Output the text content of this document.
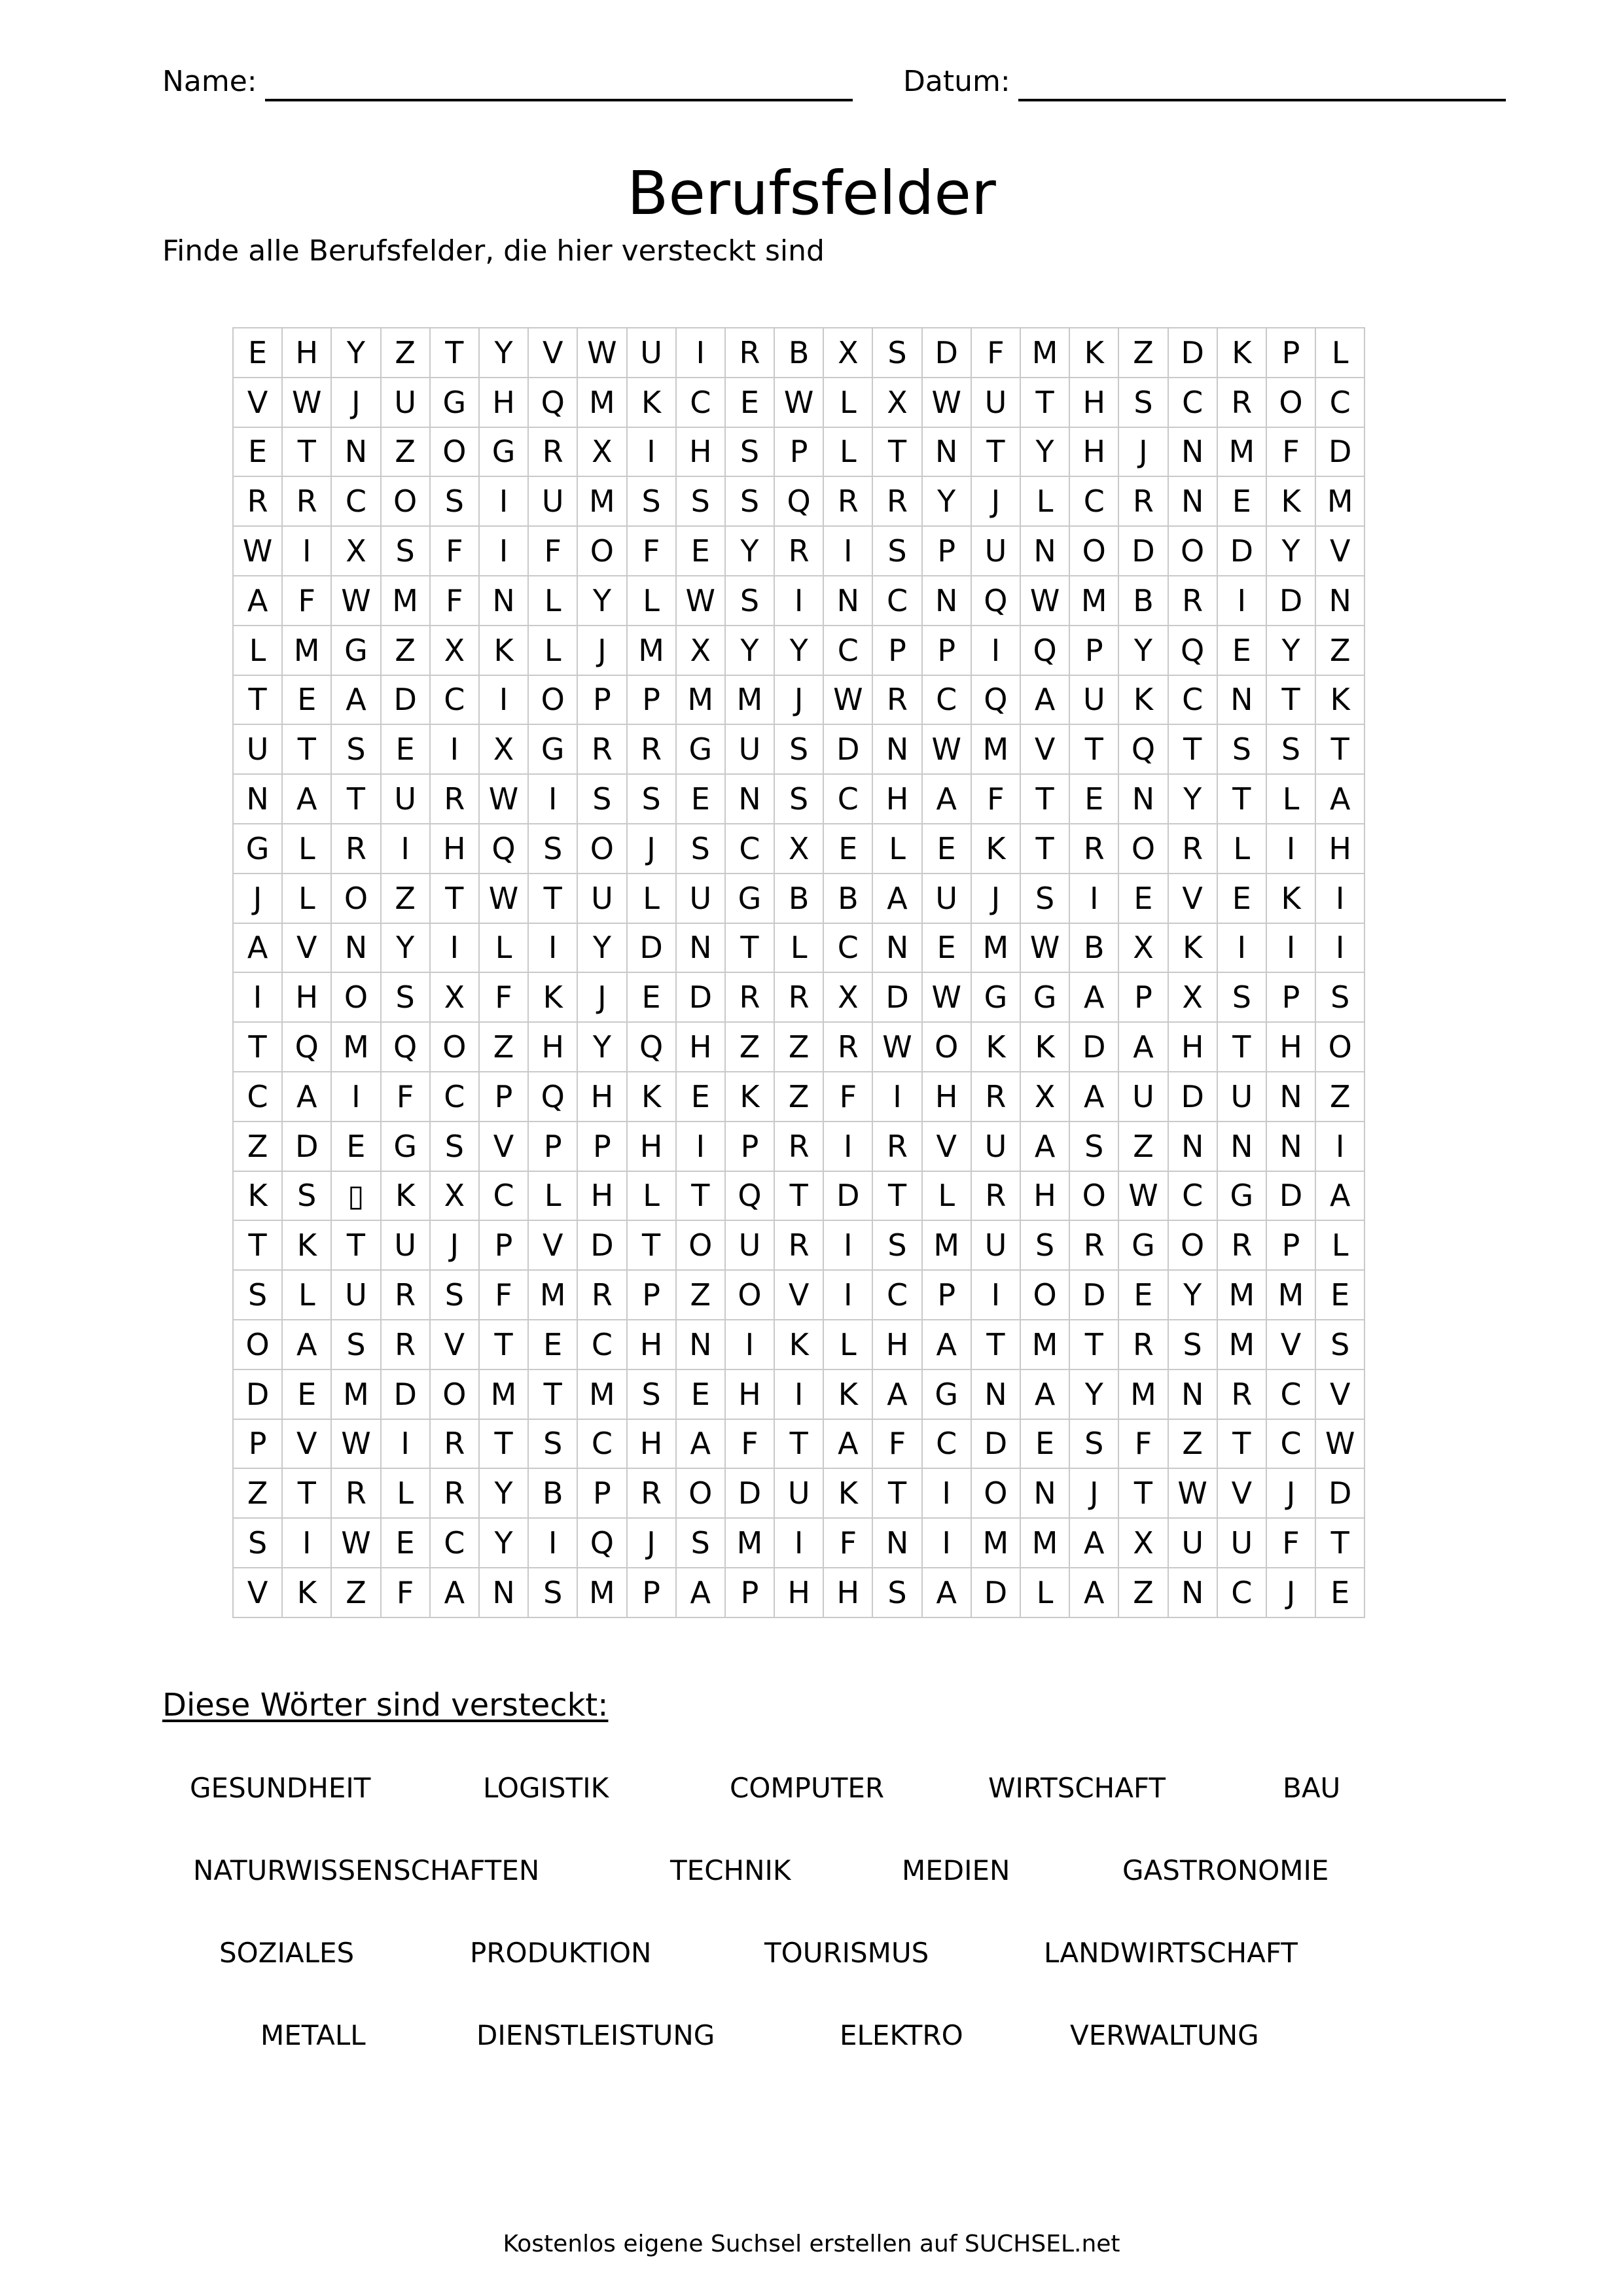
Name:	Datum:
Berufsfelder
Finde alle Berufsfelder, die hier versteckt sind
E	H	Y	Z	T	Y	V	W	U	I	R	B	X	S	D	F	M	K	Z	D	K	P	L
V	W	J	U	G	H	Q	M	K	C	E	W	L	X	W	U	T	H	S	C	R	O	C
E	T	N	Z	O	G	R	X	I	H	S	P	L	T	N	T	Y	H	J	N	M	F	D
R	R	C	O	S	I	U	M	S	S	S	Q	R	R	Y	J	L	C	R	N	E	K	M
W	I	X	S	F	I	F	O	F	E	Y	R	I	S	P	U	N	O	D	O	D	Y	V
A	F	W	M	F	N	L	Y	L	W	S	I	N	C	N	Q	W	M	B	R	I	D	N
L	M	G	Z	X	K	L	J	M	X	Y	Y	C	P	P	I	Q	P	Y	Q	E	Y	Z
T	E	A	D	C	I	O	P	P	M	M	J	W	R	C	Q	A	U	K	C	N	T	K
U	T	S	E	I	X	G	R	R	G	U	S	D	N	W	M	V	T	Q	T	S	S	T
N	A	T	U	R	W	I	S	S	E	N	S	C	H	A	F	T	E	N	Y	T	L	A
G	L	R	I	H	Q	S	O	J	S	C	X	E	L	E	K	T	R	O	R	L	I	H
J	L	O	Z	T	W	T	U	L	U	G	B	B	A	U	J	S	I	E	V	E	K	I
A	V	N	Y	I	L	I	Y	D	N	T	L	C	N	E	M	W	B	X	K	I	I	I
I	H	O	S	X	F	K	J	E	D	R	R	X	D	W	G	G	A	P	X	S	P	S
T	Q	M	Q	O	Z	H	Y	Q	H	Z	Z	R	W	O	K	K	D	A	H	T	H	O
C	A	I	F	C	P	Q	H	K	E	K	Z	F	I	H	R	X	A	U	D	U	N	Z
Z	D	E	G	S	V	P	P	H	I	P	R	I	R	V	U	A	S	Z	N	N	N	I
K	S	▯	K	X	C	L	H	L	T	Q	T	D	T	L	R	H	O	W	C	G	D	A
T	K	T	U	J	P	V	D	T	O	U	R	I	S	M	U	S	R	G	O	R	P	L
S	L	U	R	S	F	M	R	P	Z	O	V	I	C	P	I	O	D	E	Y	M	M	E
O	A	S	R	V	T	E	C	H	N	I	K	L	H	A	T	M	T	R	S	M	V	S
D	E	M	D	O	M	T	M	S	E	H	I	K	A	G	N	A	Y	M	N	R	C	V
P	V	W	I	R	T	S	C	H	A	F	T	A	F	C	D	E	S	F	Z	T	C	W
Z	T	R	L	R	Y	B	P	R	O	D	U	K	T	I	O	N	J	T	W	V	J	D
S	I	W	E	C	Y	I	Q	J	S	M	I	F	N	I	M	M	A	X	U	U	F	T
V	K	Z	F	A	N	S	M	P	A	P	H	H	S	A	D	L	A	Z	N	C	J	E
Diese Wörter sind versteckt:
GESUNDHEIT	LOGISTIK	COMPUTER	WIRTSCHAFT	BAU
NATURWISSENSCHAFTEN	TECHNIK	MEDIEN	GASTRONOMIE
SOZIALES	PRODUKTION	TOURISMUS	LANDWIRTSCHAFT
METALL	DIENSTLEISTUNG	ELEKTRO	VERWALTUNG
Kostenlos eigene Suchsel erstellen auf SUCHSEL.net
